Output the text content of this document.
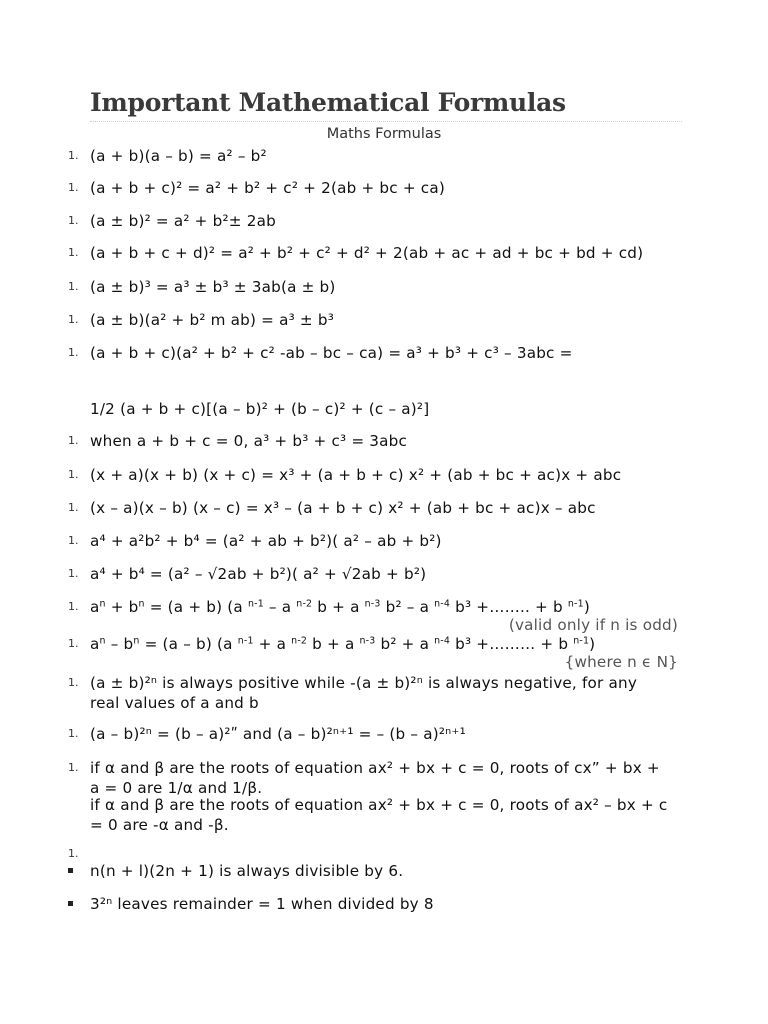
Important Mathematical Formulas
Maths Formulas
1. (a + b)(a – b) = a² – b²
1. (a + b + c)² = a² + b² + c² + 2(ab + bc + ca)
1. (a ± b)² = a² + b²± 2ab
1. (a + b + c + d)² = a² + b² + c² + d² + 2(ab + ac + ad + bc + bd + cd)
1. (a ± b)³ = a³ ± b³ ± 3ab(a ± b)
1. (a ± b)(a² + b² m ab) = a³ ± b³
1. (a + b + c)(a² + b² + c² -ab – bc – ca) = a³ + b³ + c³ – 3abc =
1/2 (a + b + c)[(a – b)² + (b – c)² + (c – a)²]
1. when a + b + c = 0, a³ + b³ + c³ = 3abc
1. (x + a)(x + b) (x + c) = x³ + (a + b + c) x² + (ab + bc + ac)x + abc
1. (x – a)(x – b) (x – c) = x³ – (a + b + c) x² + (ab + bc + ac)x – abc
1. a⁴ + a²b² + b⁴ = (a² + ab + b²)( a² – ab + b²)
1. a⁴ + b⁴ = (a² – √2ab + b²)( a² + √2ab + b²)
1. $a^n + b^n = (a + b)$ (a $^{n-1}$ – a $^{n-2}$ b + a $^{n-3}$ b² – a $^{n-4}$ b³ +…….. + b $^{n-1}$)
(valid only if n is odd)
1. $a^n - b^n = (a - b)$ (a $^{n-1}$ + a $^{n-2}$ b + a $^{n-3}$ b² + a $^{n-4}$ b³ +……… + b $^{n-1}$)
{where n ϵ N}
1. (a ± b)²ⁿ is always positive while -(a ± b)²ⁿ is always negative, for any real values of a and b
1. (a – b)²ⁿ = (b – a)²ʺ and (a – b)²ⁿ⁺¹ = – (b – a)²ⁿ⁺¹
1. if α and β are the roots of equation ax² + bx + c = 0, roots of cx” + bx + a = 0 are 1/α and 1/β.
if α and β are the roots of equation ax² + bx + c = 0, roots of ax² – bx + c = 0 are -α and -β.
1.
n(n + l)(2n + 1) is always divisible by 6.
3²ⁿ leaves remainder = 1 when divided by 8
